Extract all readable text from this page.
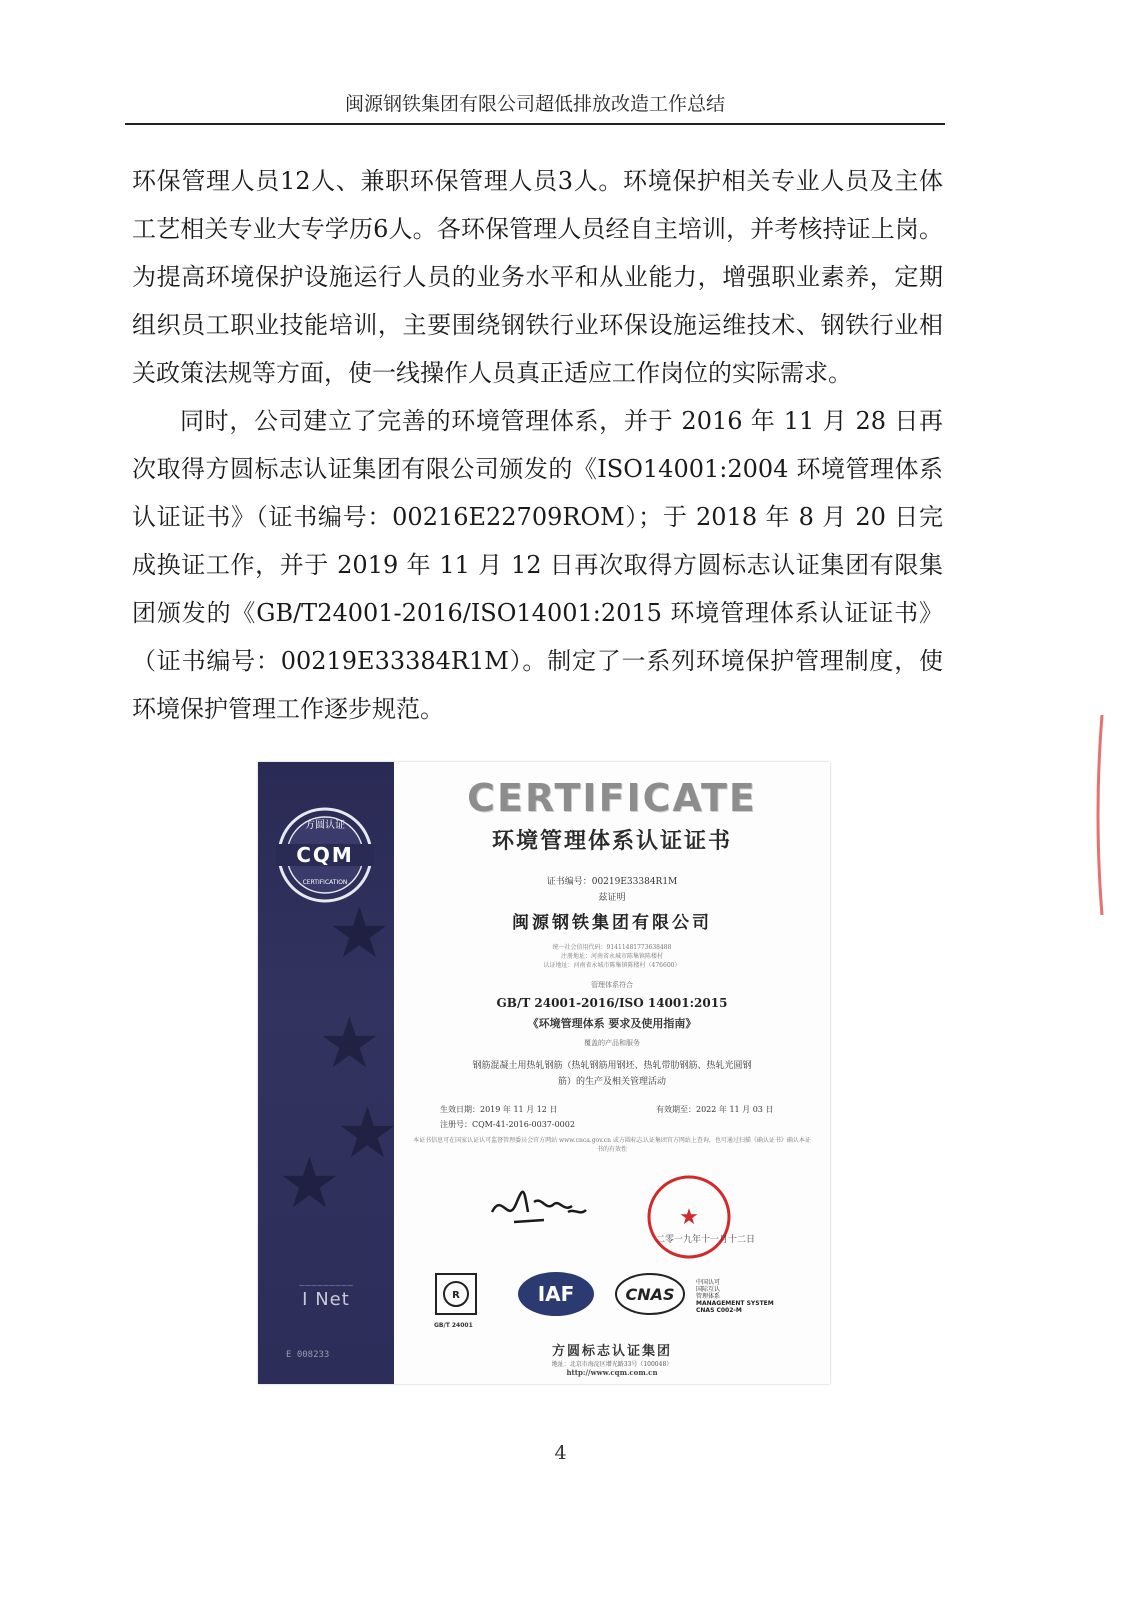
闽源钢铁集团有限公司超低排放改造工作总结

环保管理人员12人、兼职环保管理人员3人。环境保护相关专业人员及主体工艺相关专业大专学历6人。各环保管理人员经自主培训，并考核持证上岗。为提高环境保护设施运行人员的业务水平和从业能力，增强职业素养，定期组织员工职业技能培训，主要围绕钢铁行业环保设施运维技术、钢铁行业相关政策法规等方面，使一线操作人员真正适应工作岗位的实际需求。

同时，公司建立了完善的环境管理体系，并于 2016 年 11 月 28 日再次取得方圆标志认证集团有限公司颁发的《ISO14001:2004 环境管理体系认证证书》（证书编号：00216E22709ROM）；于 2018 年 8 月 20 日完成换证工作，并于 2019 年 11 月 12 日再次取得方圆标志认证集团有限集团颁发的《GB/T24001-2016/ISO14001:2015 环境管理体系认证证书》（证书编号：00219E33384R1M）。制定了一系列环境保护管理制度，使环境保护管理工作逐步规范。

★
★
★
★
方圆认证
CQM
CERTIFICATION
—————————
I Net
E 008233
CERTIFICATE
环境管理体系认证证书
证书编号：00219E33384R1M
兹证明
闽源钢铁集团有限公司
统一社会信用代码：91411481773638488
注册地址：河南省永城市陈集镇陈楼村
认证地址：河南省永城市陈集镇陈楼村（476600）
管理体系符合
GB/T 24001-2016/ISO 14001:2015
《环境管理体系 要求及使用指南》
覆盖的产品和服务
钢筋混凝土用热轧钢筋（热轧钢筋用钢坯、热轧带肋钢筋、热轧光圆钢
筋）的生产及相关管理活动
生效日期：2019 年 11 月 12 日	有效期至：2022 年 11 月 03 日
注册号：CQM-41-2016-0037-0002
本证书信息可在国家认证认可监督管理委员会官方网站 www.cnca.gov.cn 或方圆标志认证集团官方网站上查询，也可通过扫描《确认证书》确认本证书的有效性
★
二零一九年十一月十二日
R	IAF	CNAS
中国认可
国际互认
管理体系
MANAGEMENT SYSTEM
CNAS C002-M
GB/T 24001
方圆标志认证集团
地址：北京市海淀区增光路33号（100048）
http://www.cqm.com.cn
4
